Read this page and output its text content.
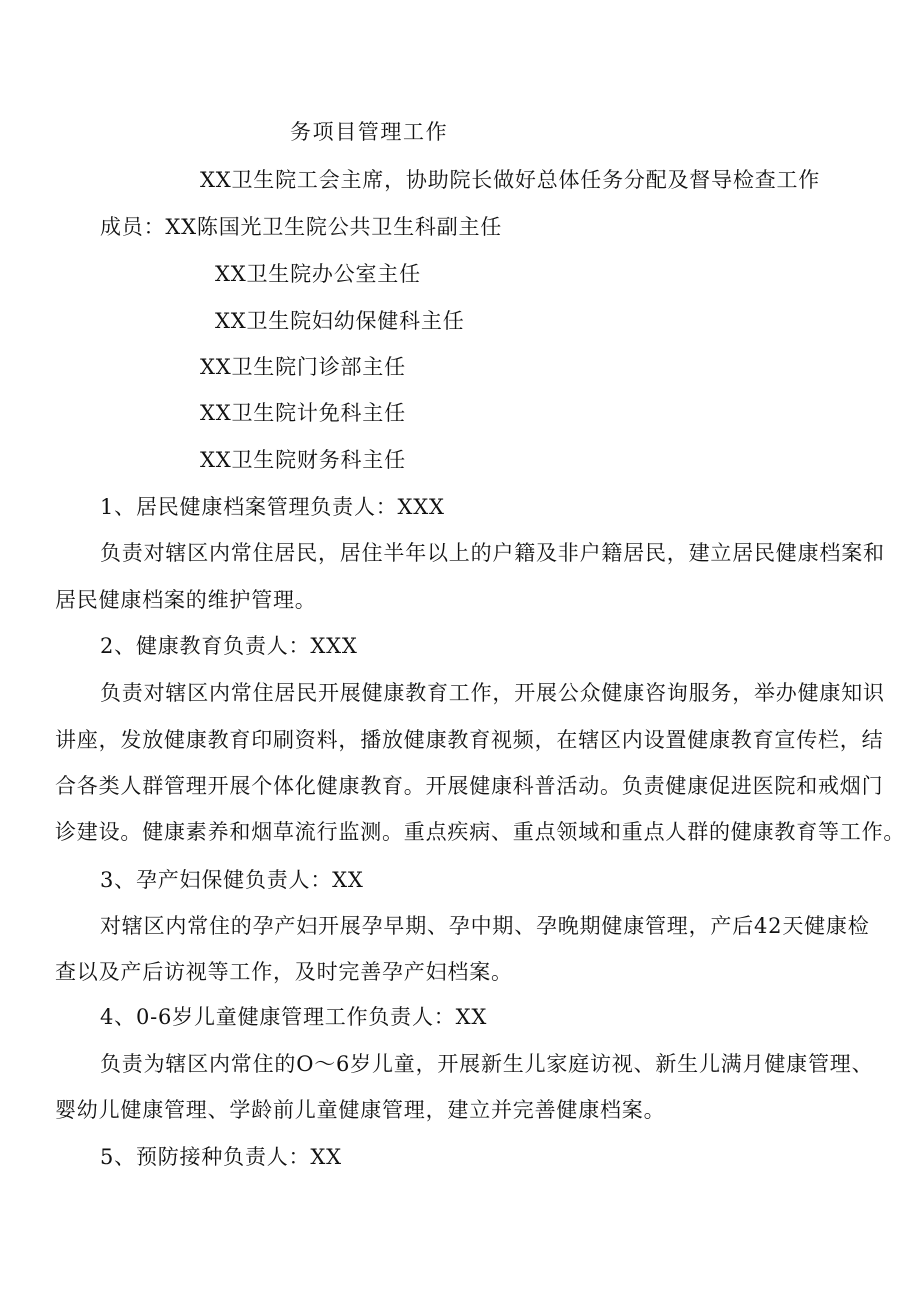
务项目管理工作
XX卫生院工会主席，协助院长做好总体任务分配及督导检查工作
成员：XX陈国光卫生院公共卫生科副主任
XX卫生院办公室主任
XX卫生院妇幼保健科主任
XX卫生院门诊部主任
XX卫生院计免科主任
XX卫生院财务科主任
1、居民健康档案管理负责人：XXX
负责对辖区内常住居民，居住半年以上的户籍及非户籍居民，建立居民健康档案和
居民健康档案的维护管理。
2、健康教育负责人：XXX
负责对辖区内常住居民开展健康教育工作，开展公众健康咨询服务，举办健康知识
讲座，发放健康教育印刷资料，播放健康教育视频，在辖区内设置健康教育宣传栏，结
合各类人群管理开展个体化健康教育。开展健康科普活动。负责健康促进医院和戒烟门
诊建设。健康素养和烟草流行监测。重点疾病、重点领域和重点人群的健康教育等工作。
3、孕产妇保健负责人：XX
对辖区内常住的孕产妇开展孕早期、孕中期、孕晚期健康管理，产后42天健康检
查以及产后访视等工作，及时完善孕产妇档案。
4、0-6岁儿童健康管理工作负责人：XX
负责为辖区内常住的O～6岁儿童，开展新生儿家庭访视、新生儿满月健康管理、
婴幼儿健康管理、学龄前儿童健康管理，建立并完善健康档案。
5、预防接种负责人：XX
